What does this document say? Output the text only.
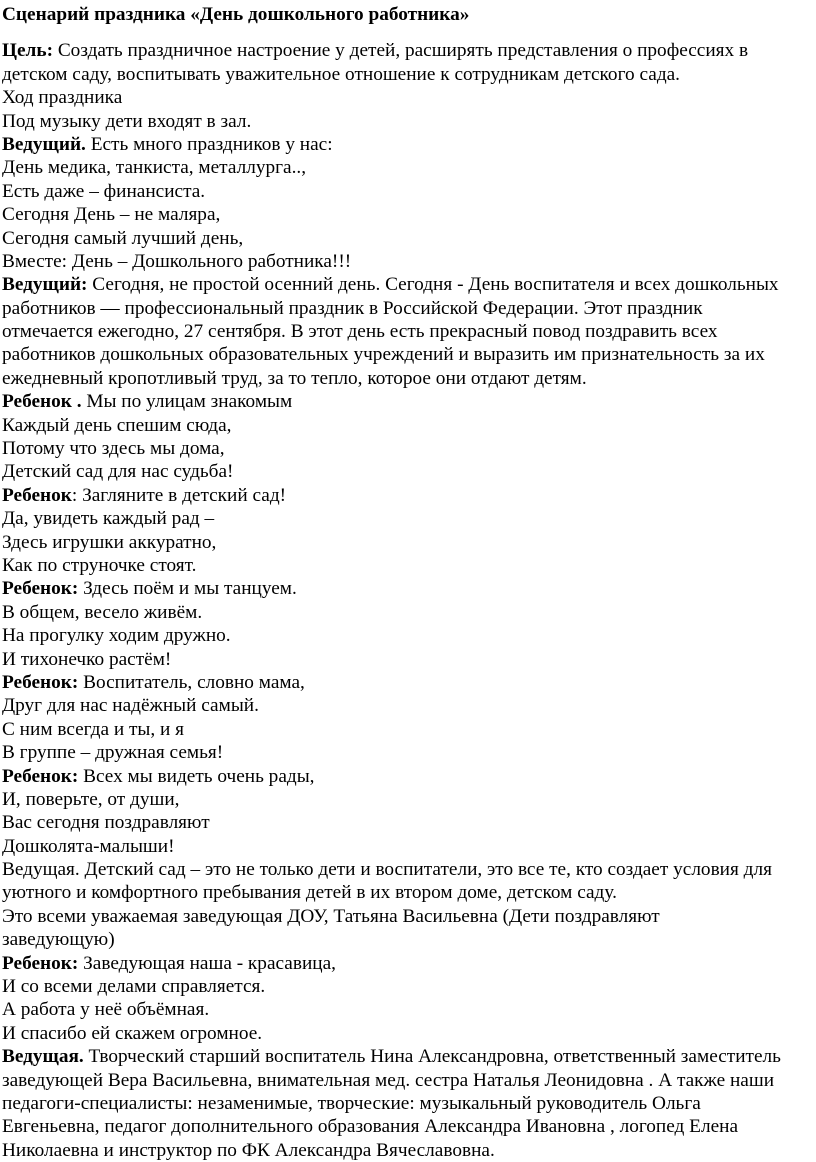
Сценарий праздника «День дошкольного работника»
Цель: Создать праздничное настроение у детей, расширять представления о профессиях в
детском саду, воспитывать уважительное отношение к сотрудникам детского сада.
Ход праздника
Под музыку дети входят в зал.
Ведущий. Есть много праздников у нас:
День медика, танкиста, металлурга..,
Есть даже – финансиста.
Сегодня День – не маляра,
Сегодня самый лучший день,
Вместе: День – Дошкольного работника!!!
Ведущий: Сегодня, не простой осенний день. Сегодня - День воспитателя и всех дошкольных
работников — профессиональный праздник в Российской Федерации. Этот праздник
отмечается ежегодно, 27 сентября. В этот день есть прекрасный повод поздравить всех
работников дошкольных образовательных учреждений и выразить им признательность за их
ежедневный кропотливый труд, за то тепло, которое они отдают детям.
Ребенок . Мы по улицам знакомым
Каждый день спешим сюда,
Потому что здесь мы дома,
Детский сад для нас судьба!
Ребенок: Загляните в детский сад!
Да, увидеть каждый рад –
Здесь игрушки аккуратно,
Как по струночке стоят.
Ребенок: Здесь поём и мы танцуем.
В общем, весело живём.
На прогулку ходим дружно.
И тихонечко растём!
Ребенок: Воспитатель, словно мама,
Друг для нас надёжный самый.
С ним всегда и ты, и я
В группе – дружная семья!
Ребенок: Всех мы видеть очень рады,
И, поверьте, от души,
Вас сегодня поздравляют
Дошколята-малыши!
Ведущая. Детский сад – это не только дети и воспитатели, это все те, кто создает условия для
уютного и комфортного пребывания детей в их втором доме, детском саду.
Это всеми уважаемая заведующая ДОУ, Татьяна Васильевна (Дети поздравляют
заведующую)
Ребенок: Заведующая наша - красавица,
И со всеми делами справляется.
А работа у неё объёмная.
И спасибо ей скажем огромное.
Ведущая. Творческий старший воспитатель Нина Александровна, ответственный заместитель
заведующей Вера Васильевна, внимательная мед. сестра Наталья Леонидовна . А также наши
педагоги-специалисты: незаменимые, творческие: музыкальный руководитель Ольга
Евгеньевна, педагог дополнительного образования Александра Ивановна , логопед Елена
Николаевна и инструктор по ФК Александра Вячеславовна.
